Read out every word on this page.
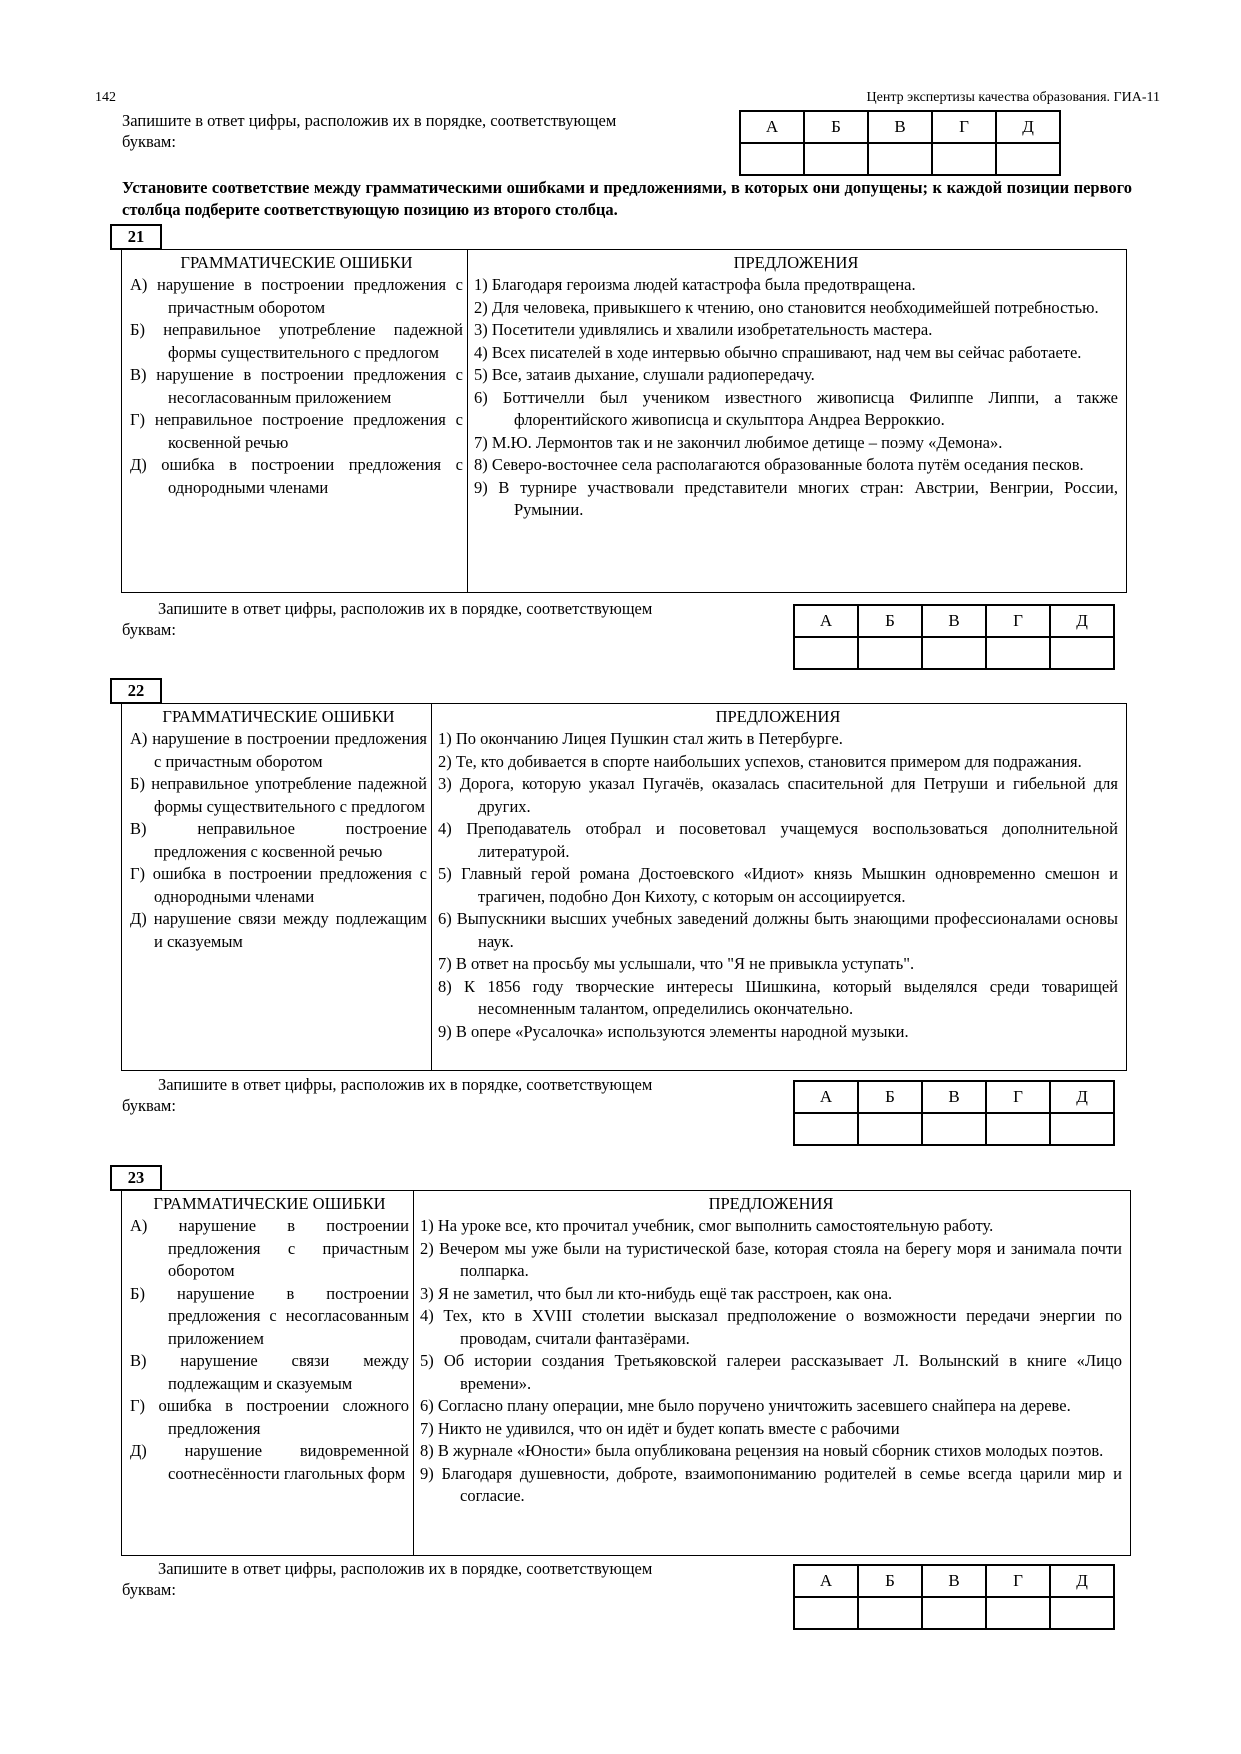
142	Центр экспертизы качества образования. ГИА-11
Запишите в ответ цифры, расположив их в порядке, соответствующем
буквам:
А	Б	В	Г	Д

Установите соответствие между грамматическими ошибками и предложениями, в которых они допущены; к каждой позиции первого столбца подберите соответствующую позицию из второго столбца.
21
ГРАММАТИЧЕСКИЕ ОШИБКИ
А) нарушение в построении предложения с причастным оборотом
Б) неправильное употребление падежной формы существительного с предлогом
В) нарушение в построении предложения с несогласованным приложением
Г) неправильное построение предложения с косвенной речью
Д) ошибка в построении предложения с однородными членами
ПРЕДЛОЖЕНИЯ
1) Благодаря героизма людей катастрофа была предотвращена.
2) Для человека, привыкшего к чтению, оно становится необходимейшей потребностью.
3) Посетители удивлялись и хвалили изобретательность мастера.
4) Всех писателей в ходе интервью обычно спрашивают, над чем вы сейчас работаете.
5) Все, затаив дыхание, слушали радиопередачу.
6) Боттичелли был учеником известного живописца Филиппе Липпи, а также флорентийского живописца и скульптора Андреа Верроккио.
7) М.Ю. Лермонтов так и не закончил любимое детище – поэму «Демона».
8) Северо-восточнее села располагаются образованные болота путём оседания песков.
9) В турнире участвовали представители многих стран: Австрии, Венгрии, России, Румынии.
Запишите в ответ цифры, расположив их в порядке, соответствующем
буквам:	А	Б	В	Г	Д

22
ГРАММАТИЧЕСКИЕ ОШИБКИ
А) нарушение в построении предложения с причастным оборотом
Б) неправильное употребление падежной формы существительного с предлогом
В) неправильное построение предложения с косвенной речью
Г) ошибка в построении предложения с однородными членами
Д) нарушение связи между подлежащим и сказуемым
ПРЕДЛОЖЕНИЯ
1) По окончанию Лицея Пушкин стал жить в Петербурге.
2) Те, кто добивается в спорте наибольших успехов, становится примером для подражания.
3) Дорога, которую указал Пугачёв, оказалась спасительной для Петруши и гибельной для других.
4) Преподаватель отобрал и посоветовал учащемуся воспользоваться дополнительной литературой.
5) Главный герой романа Достоевского «Идиот» князь Мышкин одновременно смешон и трагичен, подобно Дон Кихоту, с которым он ассоциируется.
6) Выпускники высших учебных заведений должны быть знающими профессионалами основы наук.
7) В ответ на просьбу мы услышали, что "Я не привыкла уступать".
8) К 1856 году творческие интересы Шишкина, который выделялся среди товарищей несомненным талантом, определились окончательно.
9) В опере «Русалочка» используются элементы народной музыки.
Запишите в ответ цифры, расположив их в порядке, соответствующем
буквам:	А	Б	В	Г	Д

23
ГРАММАТИЧЕСКИЕ ОШИБКИ
А) нарушение в построении предложения с причастным оборотом
Б) нарушение в построении предложения с несогласованным приложением
В) нарушение связи между подлежащим и сказуемым
Г) ошибка в построении сложного предложения
Д) нарушение видовременной соотнесённости глагольных форм
ПРЕДЛОЖЕНИЯ
1) На уроке все, кто прочитал учебник, смог выполнить самостоятельную работу.
2) Вечером мы уже были на туристической базе, которая стояла на берегу моря и занимала почти полпарка.
3) Я не заметил, что был ли кто-нибудь ещё так расстроен, как она.
4) Тех, кто в XVIII столетии высказал предположение о возможности передачи энергии по проводам, считали фантазёрами.
5) Об истории создания Третьяковской галереи рассказывает Л. Волынский в книге «Лицо времени».
6) Согласно плану операции, мне было поручено уничтожить засевшего снайпера на дереве.
7) Никто не удивился, что он идёт и будет копать вместе с рабочими
8) В журнале «Юности» была опубликована рецензия на новый сборник стихов молодых поэтов.
9) Благодаря душевности, доброте, взаимопониманию родителей в семье всегда царили мир и согласие.
Запишите в ответ цифры, расположив их в порядке, соответствующем
буквам:	А	Б	В	Г	Д
